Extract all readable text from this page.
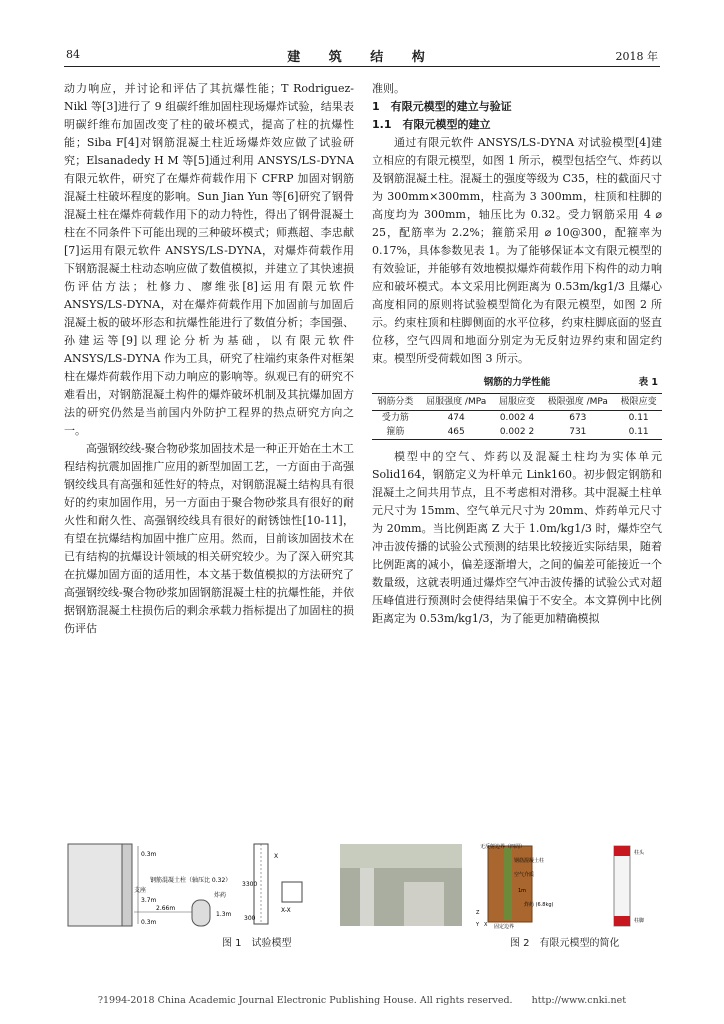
84	建 筑 结 构	2018 年

动力响应，并讨论和评估了其抗爆性能；T Rodriguez-Nikl 等[3]进行了 9 组碳纤维加固柱现场爆炸试验，结果表明碳纤维布加固改变了柱的破坏模式，提高了柱的抗爆性能；Siba F[4]对钢筋混凝土柱近场爆炸效应做了试验研究；Elsanadedy H M 等[5]通过利用 ANSYS/LS-DYNA 有限元软件，研究了在爆炸荷载作用下 CFRP 加固对钢筋混凝土柱破坏程度的影响。Sun Jian Yun 等[6]研究了钢骨混凝土柱在爆炸荷载作用下的动力特性，得出了钢骨混凝土柱在不同条件下可能出现的三种破坏模式；师燕超、李忠献[7]运用有限元软件 ANSYS/LS-DYNA，对爆炸荷载作用下钢筋混凝土柱动态响应做了数值模拟，并建立了其快速损伤评估方法；杜修力、廖维张[8]运用有限元软件 ANSYS/LS-DYNA，对在爆炸荷载作用下加固前与加固后混凝土板的破坏形态和抗爆性能进行了数值分析；李国强、孙建运等[9]以理论分析为基础，以有限元软件 ANSYS/LS-DYNA 作为工具，研究了柱端约束条件对框架柱在爆炸荷载作用下动力响应的影响等。纵观已有的研究不难看出，对钢筋混凝土构件的爆炸破坏机制及其抗爆加固方法的研究仍然是当前国内外防护工程界的热点研究方向之一。

高强钢绞线-聚合物砂浆加固技术是一种正开始在土木工程结构抗震加固推广应用的新型加固工艺，一方面由于高强钢绞线具有高强和延性好的特点，对钢筋混凝土结构具有很好的约束加固作用，另一方面由于聚合物砂浆具有很好的耐火性和耐久性、高强钢绞线具有很好的耐锈蚀性[10-11]，有望在抗爆结构加固中推广应用。然而，目前该加固技术在已有结构的抗爆设计领域的相关研究较少。为了深入研究其在抗爆加固方面的适用性，本文基于数值模拟的方法研究了高强钢绞线-聚合物砂浆加固钢筋混凝土柱的抗爆性能，并依据钢筋混凝土柱损伤后的剩余承载力指标提出了加固柱的损伤评估

准则。

1　有限元模型的建立与验证

1.1　有限元模型的建立

通过有限元软件 ANSYS/LS-DYNA 对试验模型[4]建立相应的有限元模型，如图 1 所示，模型包括空气、炸药以及钢筋混凝土柱。混凝土的强度等级为 C35，柱的截面尺寸为 300mm×300mm，柱高为 3 300mm，柱顶和柱脚的高度均为 300mm，轴压比为 0.32。受力钢筋采用 4 ⌀ 25，配筋率为 2.2%；箍筋采用 ⌀ 10@300，配箍率为 0.17%，具体参数见表 1。为了能够保证本文有限元模型的有效验证，并能够有效地模拟爆炸荷载作用下构件的动力响应和破坏模式。本文采用比例距离为 0.53m/kg1/3 且爆心高度相同的原则将试验模型简化为有限元模型，如图 2 所示。约束柱顶和柱脚侧面的水平位移，约束柱脚底面的竖直位移，空气四周和地面分别定为无反射边界约束和固定约束。模型所受荷载如图 3 所示。

钢筋的力学性能	表 1
钢筋分类	屈服强度 /MPa	屈服应变	极限强度 /MPa	极限应变
受力筋	474	0.002 4	673	0.11
箍筋	465	0.002 2	731	0.11

模型中的空气、炸药以及混凝土柱均为实体单元 Solid164，钢筋定义为杆单元 Link160。初步假定钢筋和混凝土之间共用节点，且不考虑相对滑移。其中混凝土柱单元尺寸为 15mm、空气单元尺寸为 20mm、炸药单元尺寸为 20mm。当比例距离 Z 大于 1.0m/kg1/3 时，爆炸空气冲击波传播的试验公式预测的结果比较接近实际结果，随着比例距离的减小，偏差逐渐增大，之间的偏差可能接近一个数量级，这就表明通过爆炸空气冲击波传播的试验公式对超压峰值进行预测时会使得结果偏于不安全。本文算例中比例距离定为 0.53m/kg1/3，为了能更加精确模拟

0.3m
钢筋混凝土柱（轴压比 0.32）
支座
3.7m
2.66m
炸药
1.3m
0.3m
3300
300
X
X-X
图 1　试验模型
无反射边界（四周）
钢筋混凝土柱
空气介质
1m
炸药 (6.8kg)
固定边界
Z
X
Y
柱头
柱脚
图 2　有限元模型的简化
?1994-2018 China Academic Journal Electronic Publishing House. All rights reserved.　　http://www.cnki.net
